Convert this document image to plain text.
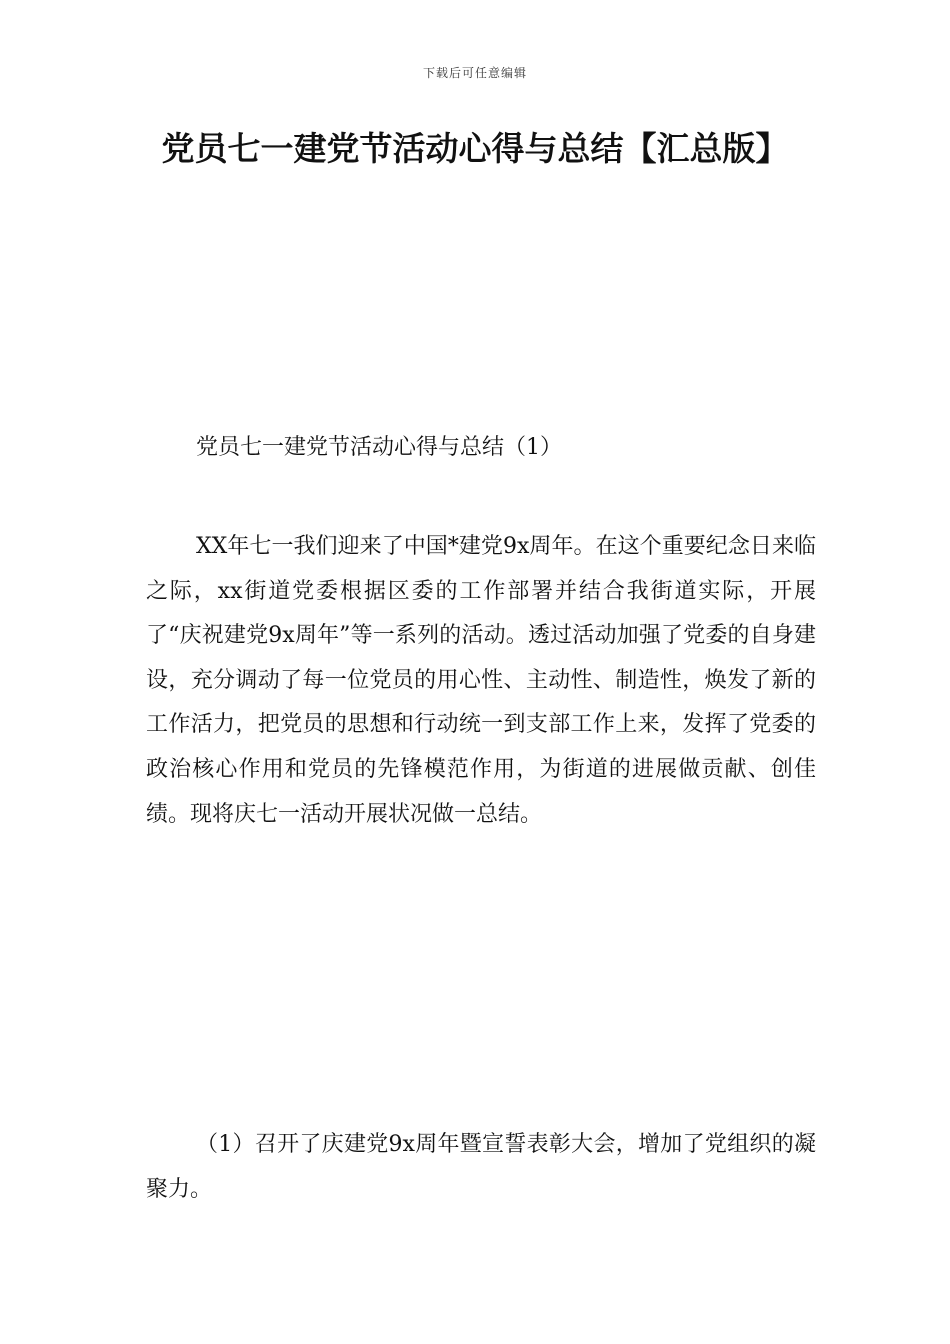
下载后可任意编辑
党员七一建党节活动心得与总结【汇总版】

党员七一建党节活动心得与总结（1）

XX年七一我们迎来了中国*建党9x周年。在这个重要纪念日来临之际，xx街道党委根据区委的工作部署并结合我街道实际，开展了“庆祝建党9x周年”等一系列的活动。透过活动加强了党委的自身建设，充分调动了每一位党员的用心性、主动性、制造性，焕发了新的工作活力，把党员的思想和行动统一到支部工作上来，发挥了党委的政治核心作用和党员的先锋模范作用，为街道的进展做贡献、创佳绩。现将庆七一活动开展状况做一总结。

（1）召开了庆建党9x周年暨宣誓表彰大会，增加了党组织的凝聚力。
